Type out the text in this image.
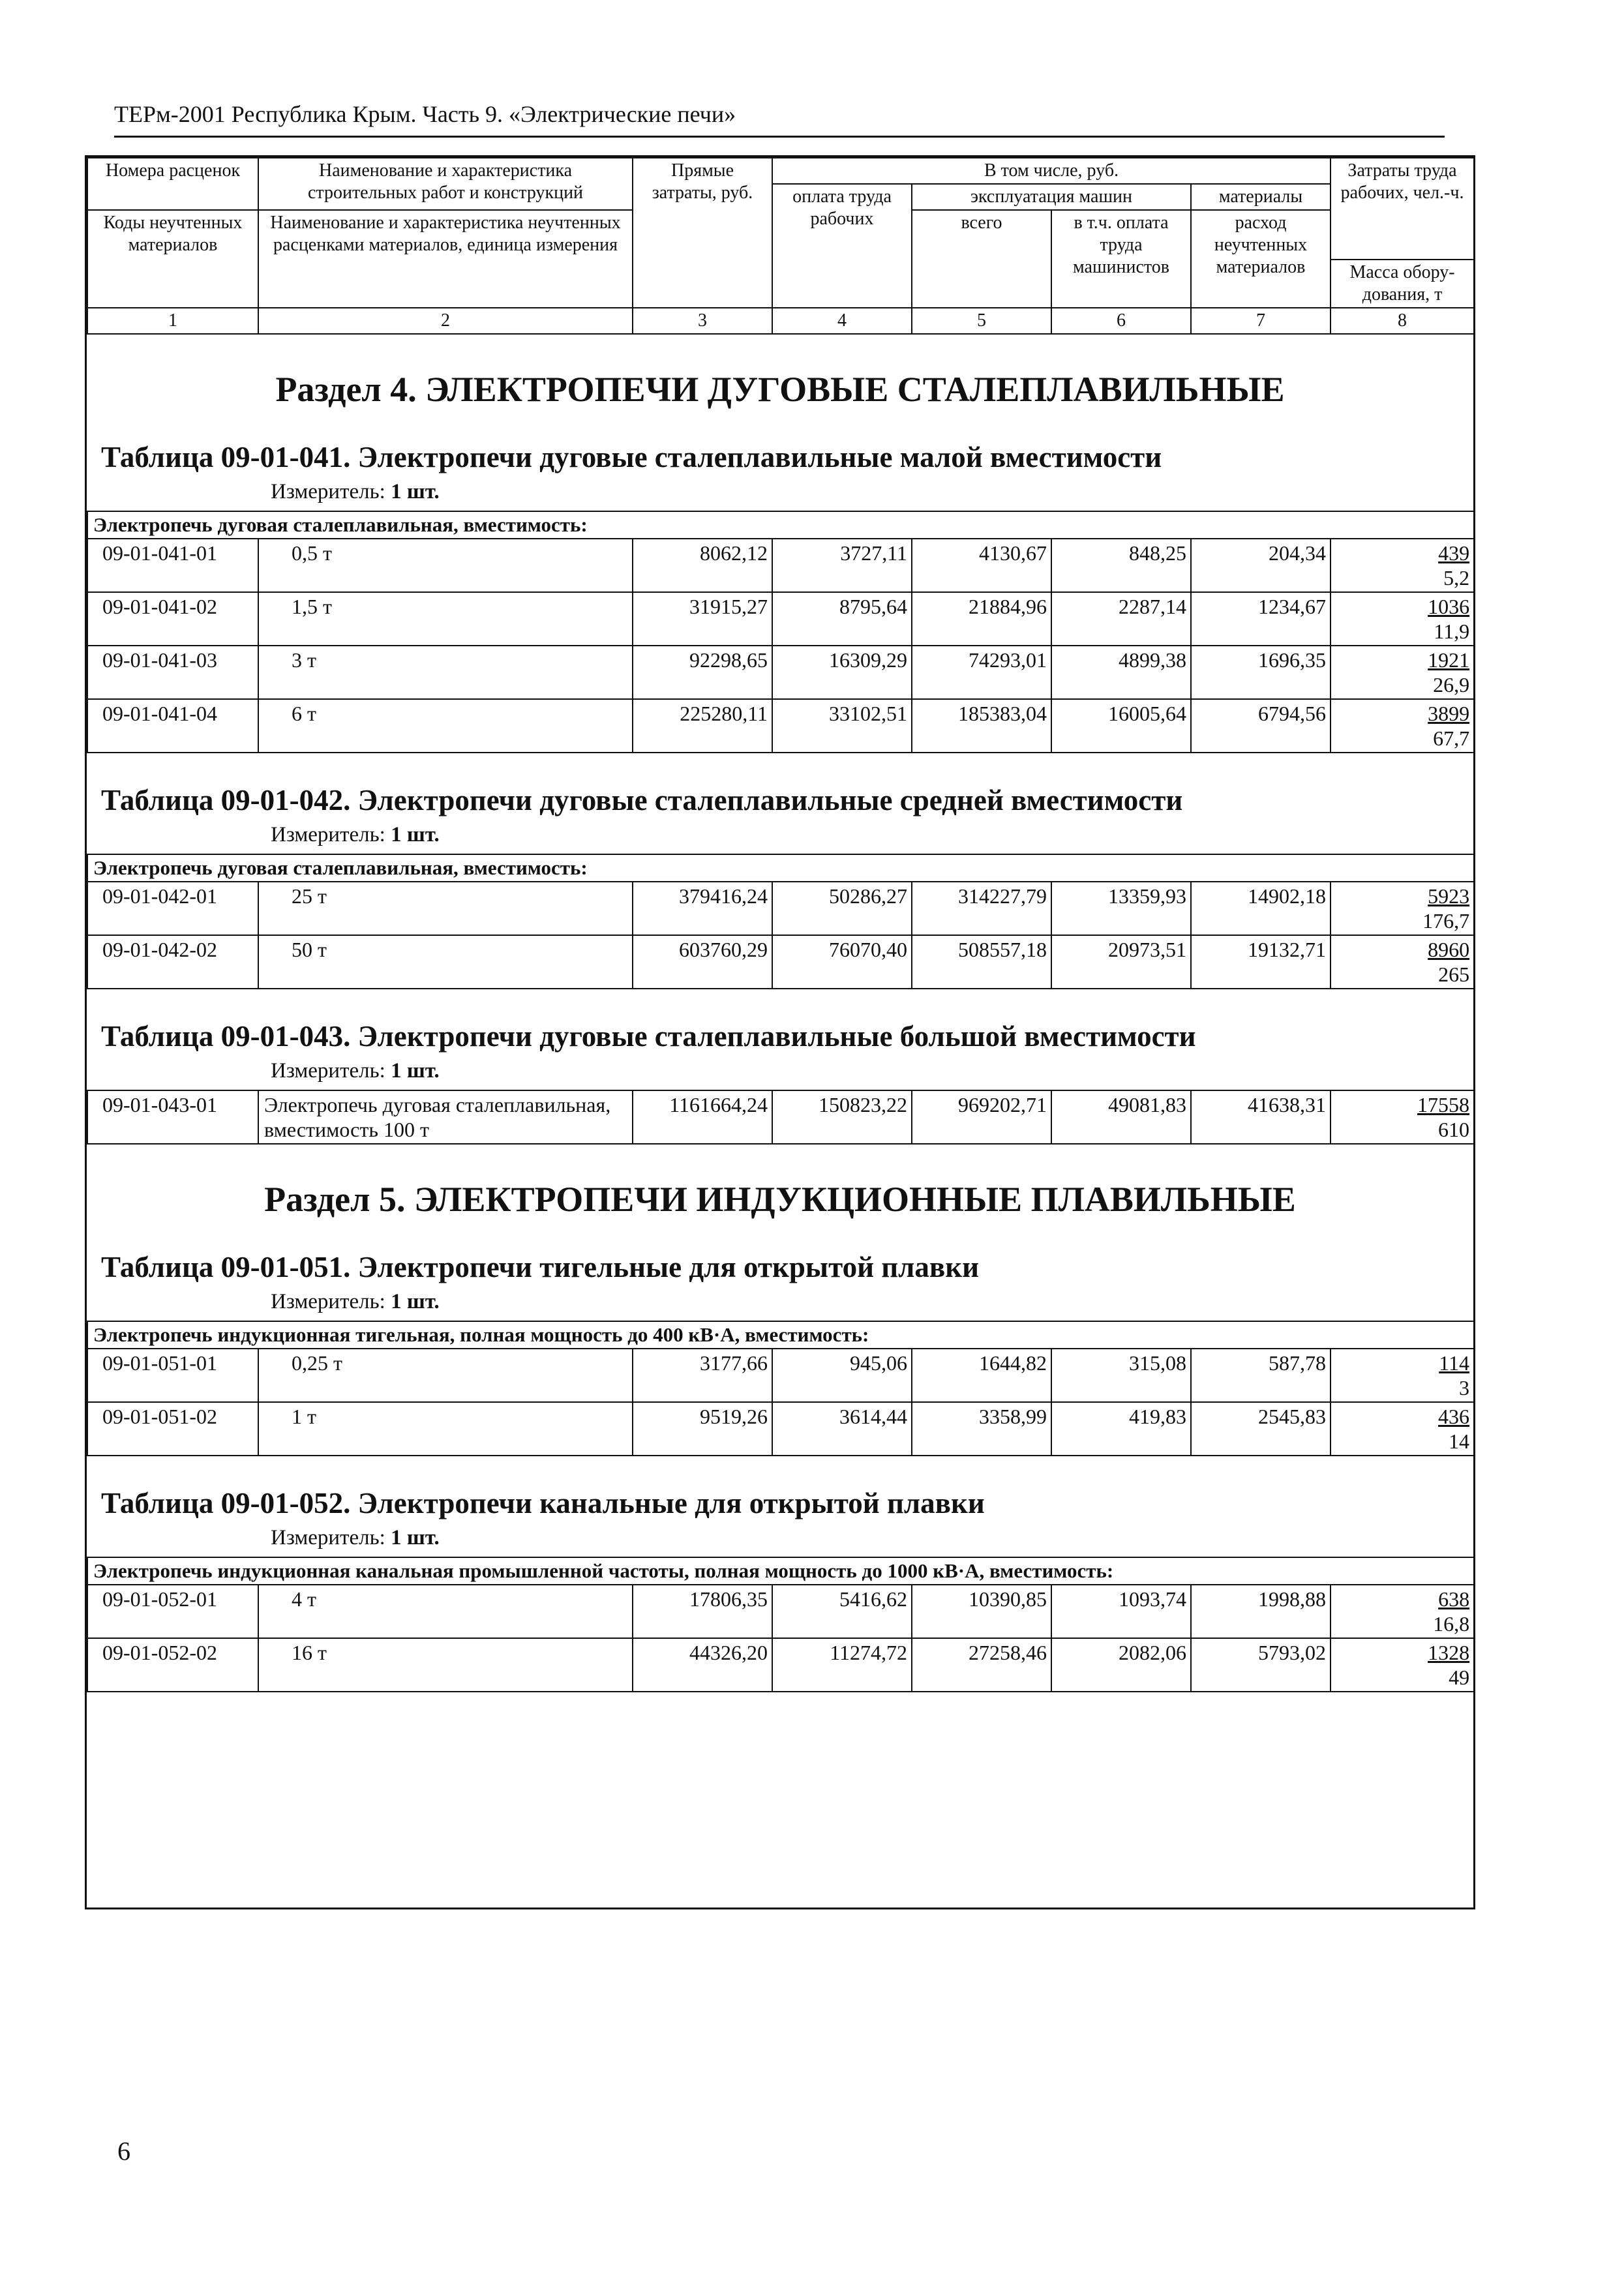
ТЕРм-2001 Республика Крым. Часть 9. «Электрические печи»
Номера расценок	Наименование и характеристика строительных работ и конструкций	Прямые затраты, руб.	В том числе, руб.				Затраты труда рабочих, чел.-ч.
			оплата труда рабочих	эксплуатация машин		материалы	
Коды неучтенных материалов	Наименование и характеристика неучтенных расценками материалов, единица измерения			всего	в т.ч. оплата труда машинистов	расход неучтенных материалов	
							Масса обору-дования, т
1	2	3	4	5	6	7	8
Раздел 4. ЭЛЕКТРОПЕЧИ ДУГОВЫЕ СТАЛЕПЛАВИЛЬНЫЕ
Таблица 09-01-041. Электропечи дуговые сталеплавильные малой вместимости
Измеритель: 1 шт.
Электропечь дуговая сталеплавильная, вместимость:							
09-01-041-01	0,5 т	8062,12	3727,11	4130,67	848,25	204,34	439
5,2

09-01-041-02	1,5 т	31915,27	8795,64	21884,96	2287,14	1234,67	1036
11,9

09-01-041-03	3 т	92298,65	16309,29	74293,01	4899,38	1696,35	1921
26,9

09-01-041-04	6 т	225280,11	33102,51	185383,04	16005,64	6794,56	3899
67,7
Таблица 09-01-042. Электропечи дуговые сталеплавильные средней вместимости
Измеритель: 1 шт.
Электропечь дуговая сталеплавильная, вместимость:							
09-01-042-01	25 т	379416,24	50286,27	314227,79	13359,93	14902,18	5923
176,7

09-01-042-02	50 т	603760,29	76070,40	508557,18	20973,51	19132,71	8960
265
Таблица 09-01-043. Электропечи дуговые сталеплавильные большой вместимости
Измеритель: 1 шт.
09-01-043-01	Электропечь дуговая сталеплавильная, вместимость 100 т	1161664,24	150823,22	969202,71	49081,83	41638,31	17558
610
Раздел 5. ЭЛЕКТРОПЕЧИ ИНДУКЦИОННЫЕ ПЛАВИЛЬНЫЕ
Таблица 09-01-051. Электропечи тигельные для открытой плавки
Измеритель: 1 шт.
Электропечь индукционная тигельная, полная мощность до 400 кВ·А, вместимость:							
09-01-051-01	0,25 т	3177,66	945,06	1644,82	315,08	587,78	114
3

09-01-051-02	1 т	9519,26	3614,44	3358,99	419,83	2545,83	436
14
Таблица 09-01-052. Электропечи канальные для открытой плавки
Измеритель: 1 шт.
Электропечь индукционная канальная промышленной частоты, полная мощность до 1000 кВ·А, вместимость:							
09-01-052-01	4 т	17806,35	5416,62	10390,85	1093,74	1998,88	638
16,8

09-01-052-02	16 т	44326,20	11274,72	27258,46	2082,06	5793,02	1328
49
6
